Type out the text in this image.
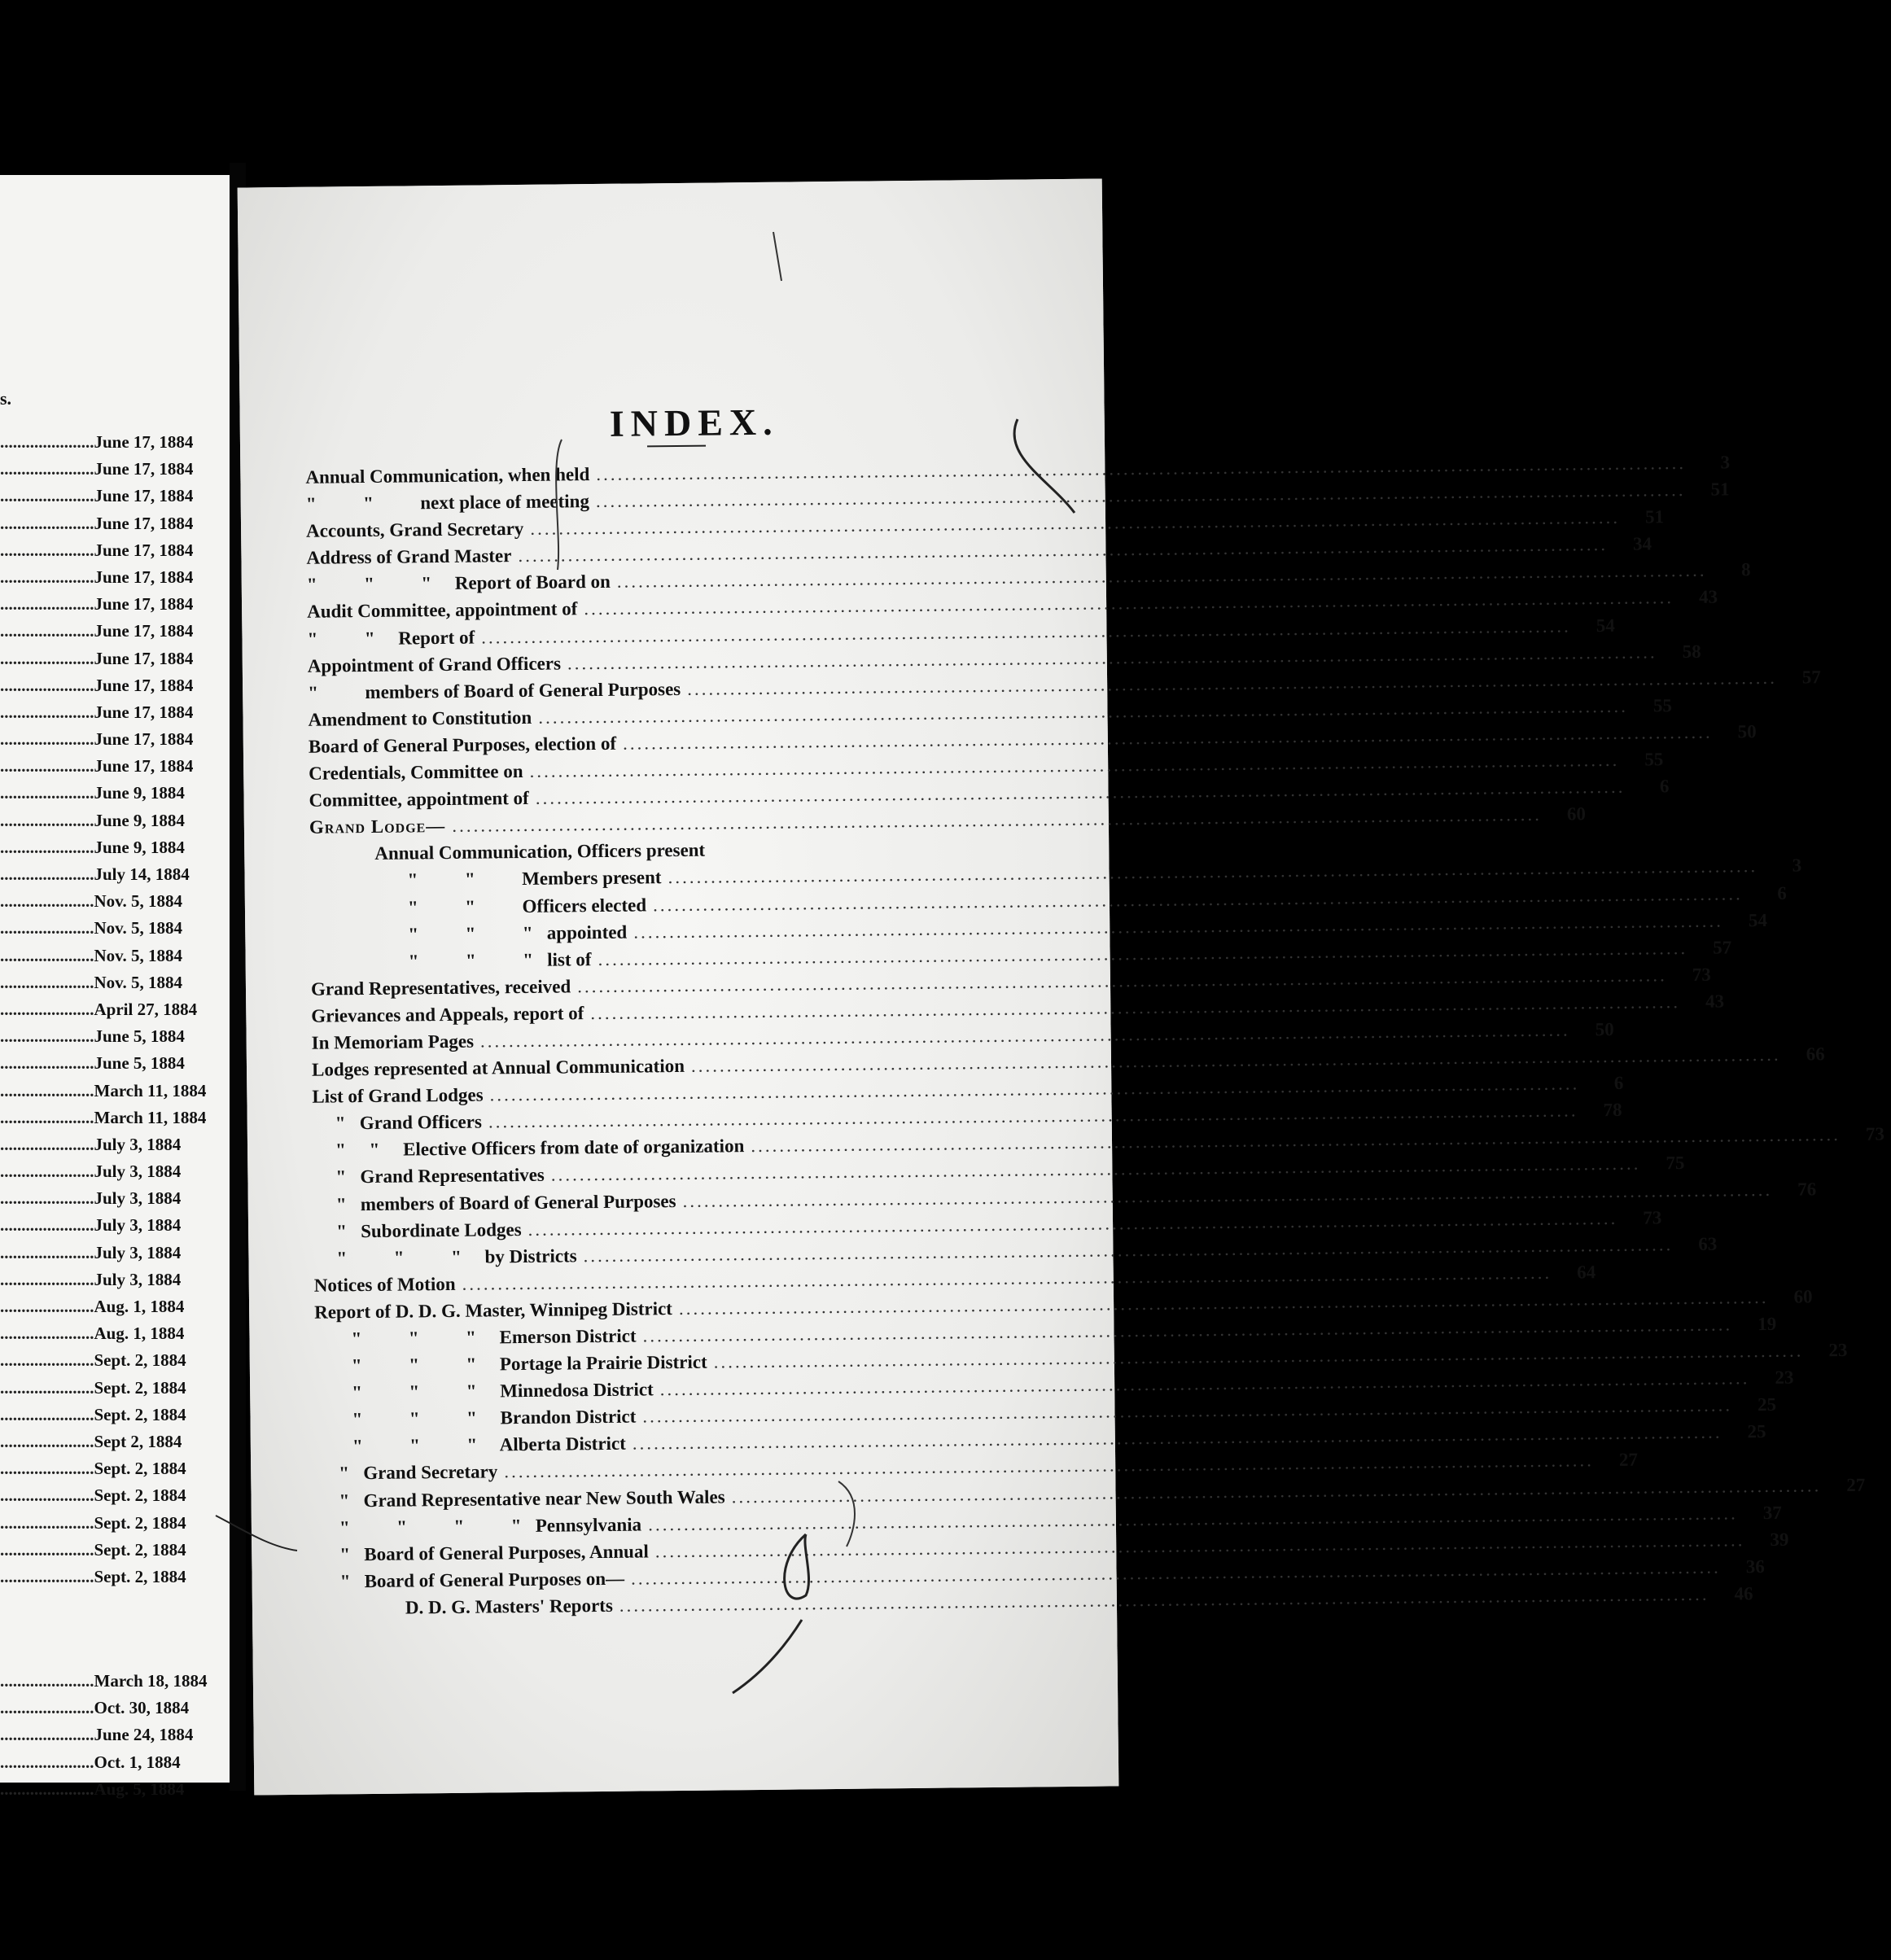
s.
.....
June 17, 1884
.....
June 17, 1884
.....
June 17, 1884
.....
June 17, 1884
.....
June 17, 1884
.....
June 17, 1884
.....
June 17, 1884
.....
June 17, 1884
.....
June 17, 1884
.....
June 17, 1884
.....
June 17, 1884
.....
June 17, 1884
.....
June 17, 1884
.....
June 9, 1884
.....
June 9, 1884
.....
June 9, 1884
.....
July 14, 1884
.....
Nov. 5, 1884
.....
Nov. 5, 1884
.....
Nov. 5, 1884
.....
Nov. 5, 1884
.....
April 27, 1884
.....
June 5, 1884
.....
June 5, 1884
.....
March 11, 1884
.....
March 11, 1884
.....
July 3, 1884
.....
July 3, 1884
.....
July 3, 1884
.....
July 3, 1884
.....
July 3, 1884
.....
July 3, 1884
.....
Aug. 1, 1884
.....
Aug. 1, 1884
.....
Sept. 2, 1884
.....
Sept. 2, 1884
.....
Sept. 2, 1884
.....
Sept 2, 1884
.....
Sept. 2, 1884
.....
Sept. 2, 1884
.....
Sept. 2, 1884
.....
Sept. 2, 1884
.....
Sept. 2, 1884
.....
March 18, 1884
.....
Oct. 30, 1884
.....
June 24, 1884
.....
Oct. 1, 1884
.....
Aug. 5, 1884
INDEX.
Annual Communication, when held
.....
3
"          "          next place of meeting
.....
51
Accounts, Grand Secretary
.....
51
Address of Grand Master
.....
34
"          "          "     Report of Board on
.....
8
Audit Committee, appointment of
.....
43
"          "     Report of
.....
54
Appointment of Grand Officers
.....
58
"          members of Board of General Purposes
.....
57
Amendment to Constitution
.....
55
Board of General Purposes, election of
.....
50
Credentials, Committee on
.....
55
Committee, appointment of
.....
6
Grand Lodge—
.....
60
Annual Communication, Officers present
"          "          Members present
.....
3
"          "          Officers elected
.....
6
"          "          "   appointed
.....
54
"          "          "   list of
.....
57
Grand Representatives, received
.....
73
Grievances and Appeals, report of
.....
43
In Memoriam Pages
.....
50
Lodges represented at Annual Communication
.....
66
List of Grand Lodges
.....
6
"   Grand Officers
.....
78
"     "     Elective Officers from date of organization
.....
73
"   Grand Representatives
.....
75
"   members of Board of General Purposes
.....
76
"   Subordinate Lodges
.....
73
"          "          "     by Districts
.....
63
Notices of Motion
.....
64
Report of D. D. G. Master, Winnipeg District
.....
60
"          "          "     Emerson District
.....
19
"          "          "     Portage la Prairie District
.....
23
"          "          "     Minnedosa District
.....
23
"          "          "     Brandon District
.....
25
"          "          "     Alberta District
.....
25
"   Grand Secretary
.....
27
"   Grand Representative near New South Wales
.....
27
"          "          "          "   Pennsylvania
.....
37
"   Board of General Purposes, Annual
.....
39
"   Board of General Purposes on—
.....
36
D. D. G. Masters' Reports
.....
46
